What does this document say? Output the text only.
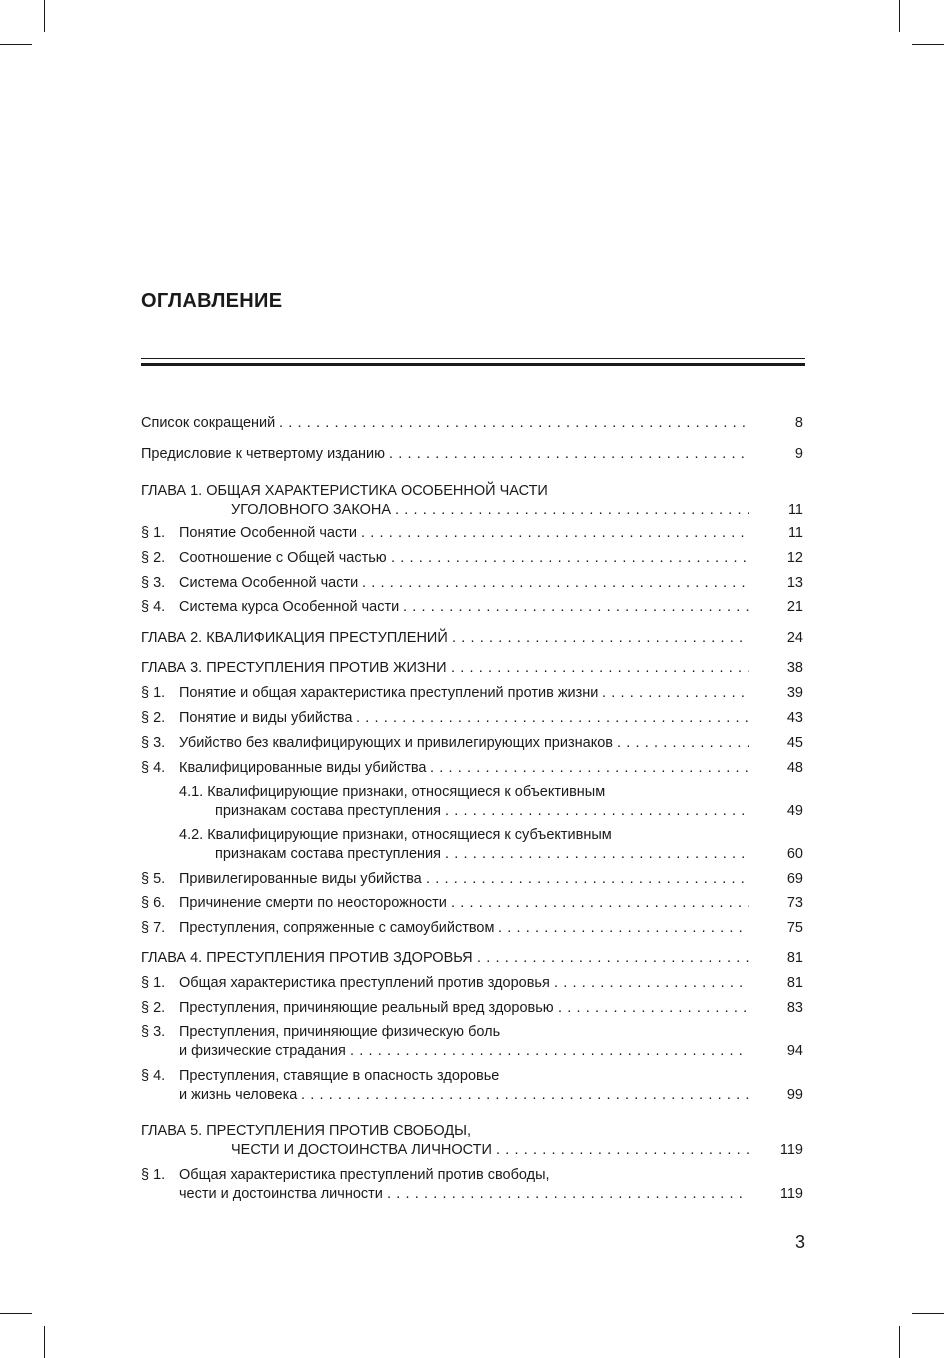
ОГЛАВЛЕНИЕ
. . .
Список сокращений	8
. . .
Предисловие к четвертому изданию	9
ГЛАВА 1. ОБЩАЯ ХАРАКТЕРИСТИКА ОСОБЕННОЙ ЧАСТИ
. . .
УГОЛОВНОГО ЗАКОНА	11
§ 1. . . . Понятие Особенной части	11
§ 2. . . . Соотношение с Общей частью	12
§ 3. . . . Система Особенной части	13
§ 4. . . . Система курса Особенной части	21
. . .
ГЛАВА 2. КВАЛИФИКАЦИЯ ПРЕСТУПЛЕНИЙ	24
. . .
ГЛАВА 3. ПРЕСТУПЛЕНИЯ ПРОТИВ ЖИЗНИ	38
§ 1. . . . Понятие и общая характеристика преступлений против жизни	39
§ 2. . . . Понятие и виды убийства	43
§ 3. . . . Убийство без квалифицирующих и привилегирующих признаков	45
§ 4. . . . Квалифицированные виды убийства	48
4.1. Квалифицирующие признаки, относящиеся к объективным
. . .
признакам состава преступления	49
4.2. Квалифицирующие признаки, относящиеся к субъективным
. . .
признакам состава преступления	60
§ 5. . . . Привилегированные виды убийства	69
§ 6. . . . Причинение смерти по неосторожности	73
§ 7. . . . Преступления, сопряженные с самоубийством	75
. . .
ГЛАВА 4. ПРЕСТУПЛЕНИЯ ПРОТИВ ЗДОРОВЬЯ	81
§ 1. . . . Общая характеристика преступлений против здоровья	81
§ 2. . . . Преступления, причиняющие реальный вред здоровью	83
§ 3. Преступления, причиняющие физическую боль
. . .
и физические страдания	94
§ 4. Преступления, ставящие в опасность здоровье
. . .
и жизнь человека	99
ГЛАВА 5. ПРЕСТУПЛЕНИЯ ПРОТИВ СВОБОДЫ,
. . .
ЧЕСТИ И ДОСТОИНСТВА ЛИЧНОСТИ	119
§ 1. Общая характеристика преступлений против свободы,
. . .
чести и достоинства личности	119
3
